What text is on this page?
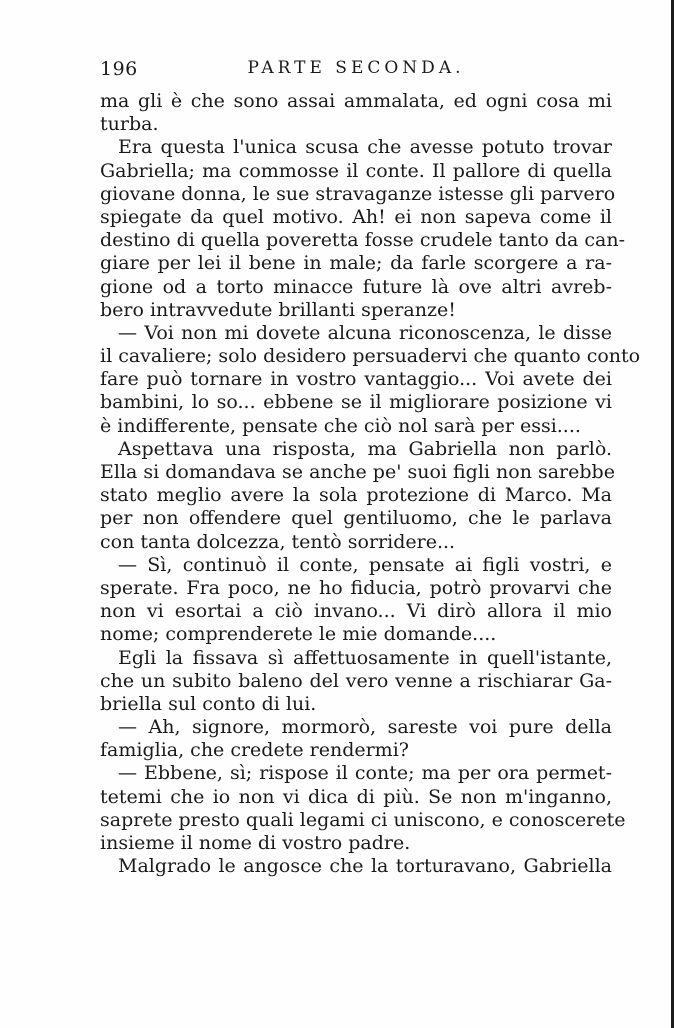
196	PARTE SECONDA.
ma gli è che sono assai ammalata, ed ogni cosa mi
turba.
Era questa l'unica scusa che avesse potuto trovar
Gabriella; ma commosse il conte. Il pallore di quella
giovane donna, le sue stravaganze istesse gli parvero
spiegate da quel motivo. Ah! ei non sapeva come il
destino di quella poveretta fosse crudele tanto da can-
giare per lei il bene in male; da farle scorgere a ra-
gione od a torto minacce future là ove altri avreb-
bero intravvedute brillanti speranze!
— Voi non mi dovete alcuna riconoscenza, le disse
il cavaliere; solo desidero persuadervi che quanto conto
fare può tornare in vostro vantaggio... Voi avete dei
bambini, lo so... ebbene se il migliorare posizione vi
è indifferente, pensate che ciò nol sarà per essi....
Aspettava una risposta, ma Gabriella non parlò.
Ella si domandava se anche pe' suoi figli non sarebbe
stato meglio avere la sola protezione di Marco. Ma
per non offendere quel gentiluomo, che le parlava
con tanta dolcezza, tentò sorridere...
— Sì, continuò il conte, pensate ai figli vostri, e
sperate. Fra poco, ne ho fiducia, potrò provarvi che
non vi esortai a ciò invano... Vi dirò allora il mio
nome; comprenderete le mie domande....
Egli la fissava sì affettuosamente in quell'istante,
che un subito baleno del vero venne a rischiarar Ga-
briella sul conto di lui.
— Ah, signore, mormorò, sareste voi pure della
famiglia, che credete rendermi?
— Ebbene, sì; rispose il conte; ma per ora permet-
tetemi che io non vi dica di più. Se non m'inganno,
saprete presto quali legami ci uniscono, e conoscerete
insieme il nome di vostro padre.
Malgrado le angosce che la torturavano, Gabriella
